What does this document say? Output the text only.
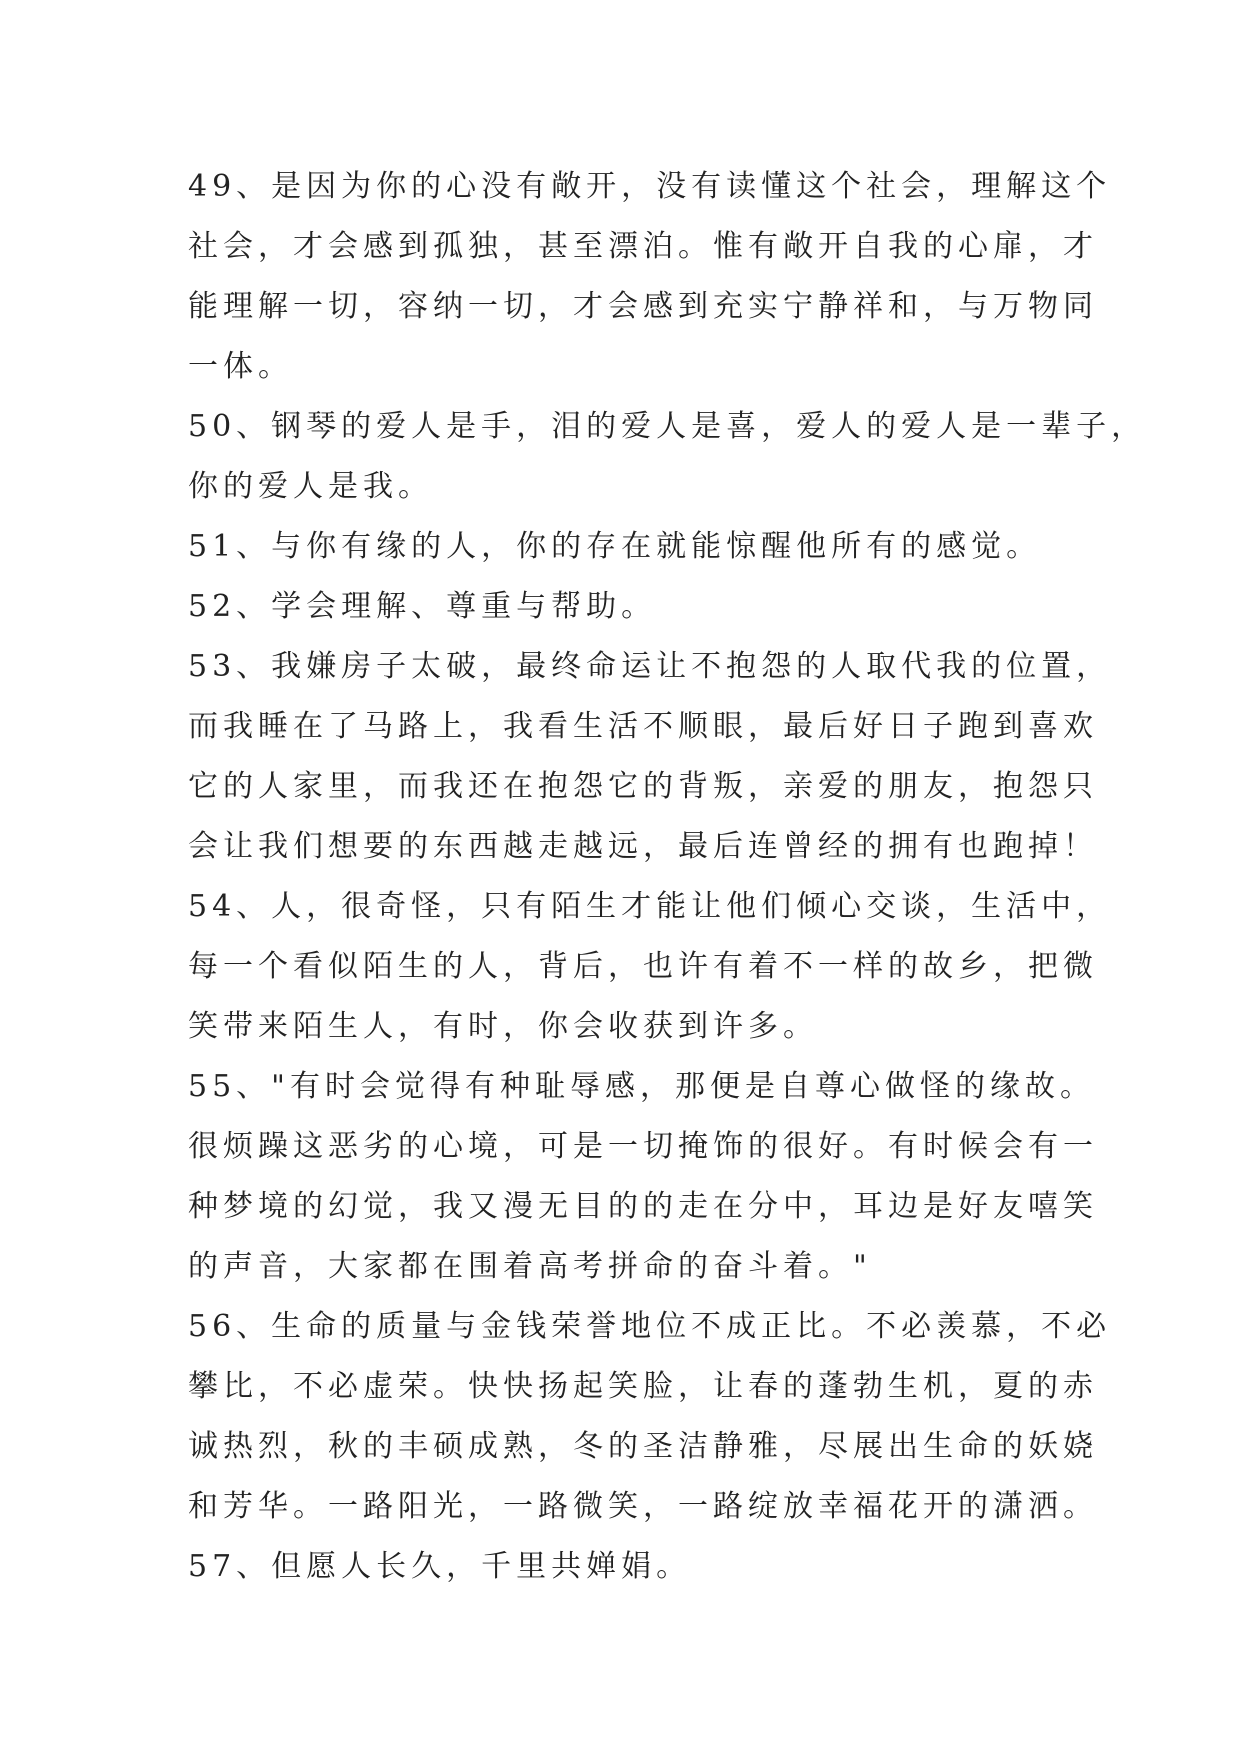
49、是因为你的心没有敞开，没有读懂这个社会，理解这个
社会，才会感到孤独，甚至漂泊。惟有敞开自我的心扉，才
能理解一切，容纳一切，才会感到充实宁静祥和，与万物同
一体。
50、钢琴的爱人是手，泪的爱人是喜，爱人的爱人是一辈子，
你的爱人是我。
51、与你有缘的人，你的存在就能惊醒他所有的感觉。
52、学会理解、尊重与帮助。
53、我嫌房子太破，最终命运让不抱怨的人取代我的位置，
而我睡在了马路上，我看生活不顺眼，最后好日子跑到喜欢
它的人家里，而我还在抱怨它的背叛，亲爱的朋友，抱怨只
会让我们想要的东西越走越远，最后连曾经的拥有也跑掉！
54、人，很奇怪，只有陌生才能让他们倾心交谈，生活中，
每一个看似陌生的人，背后，也许有着不一样的故乡，把微
笑带来陌生人，有时，你会收获到许多。
55、"有时会觉得有种耻辱感，那便是自尊心做怪的缘故。
很烦躁这恶劣的心境，可是一切掩饰的很好。有时候会有一
种梦境的幻觉，我又漫无目的的走在分中，耳边是好友嘻笑
的声音，大家都在围着高考拼命的奋斗着。"
56、生命的质量与金钱荣誉地位不成正比。不必羡慕，不必
攀比，不必虚荣。快快扬起笑脸，让春的蓬勃生机，夏的赤
诚热烈，秋的丰硕成熟，冬的圣洁静雅，尽展出生命的妖娆
和芳华。一路阳光，一路微笑，一路绽放幸福花开的潇洒。
57、但愿人长久，千里共婵娟。
